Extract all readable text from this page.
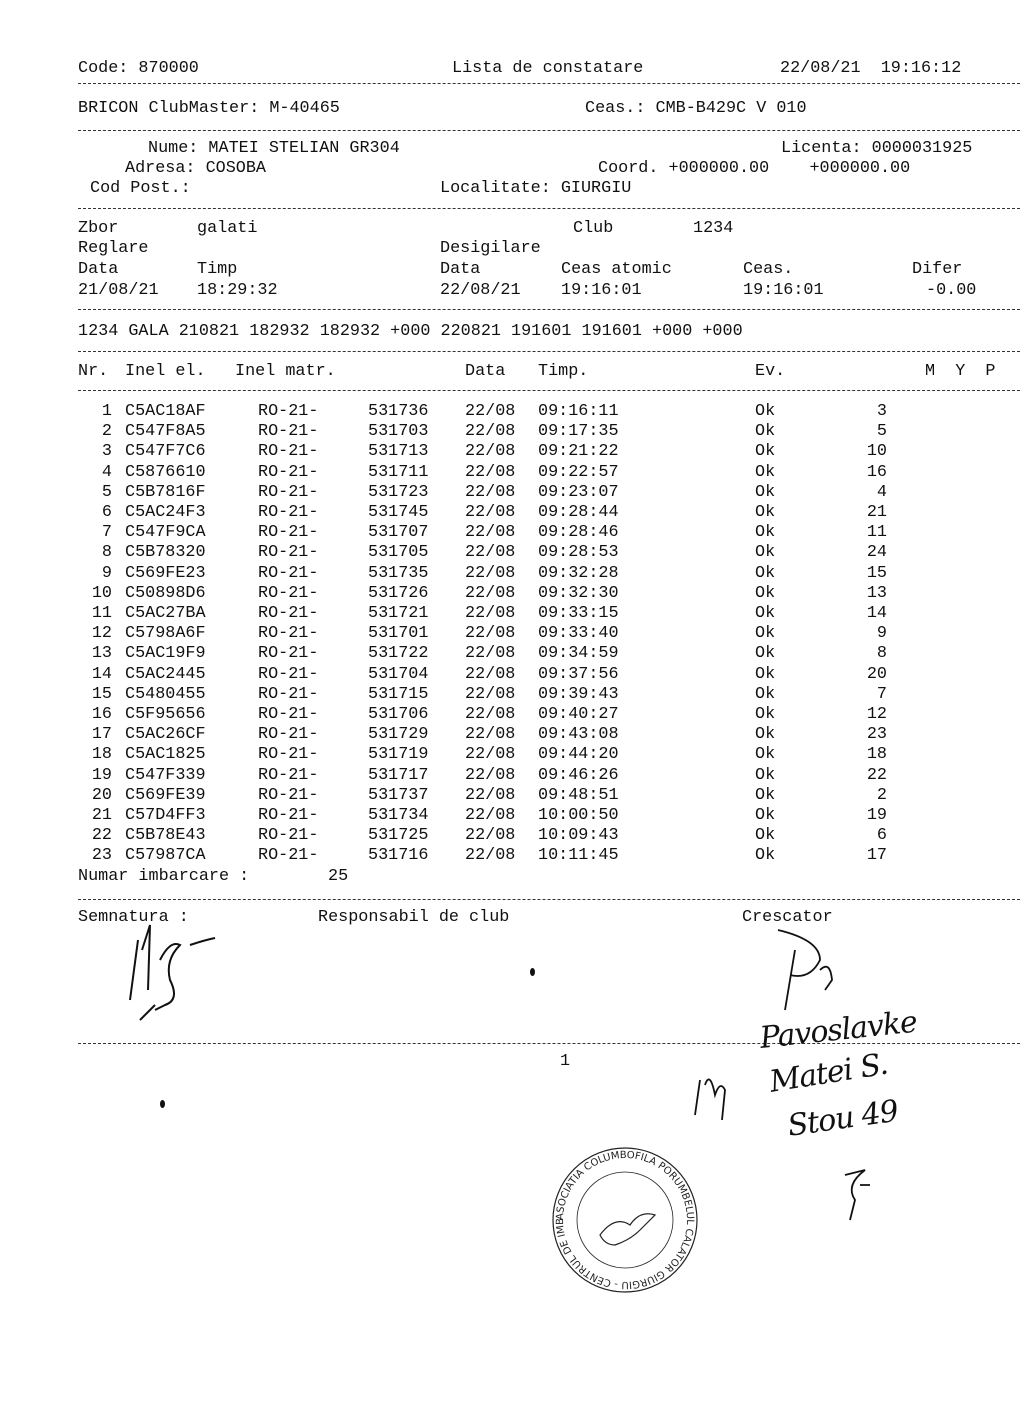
Code: 870000	Lista de constatare	22/08/21  19:16:12
BRICON ClubMaster: M-40465	Ceas.: CMB-B429C V 010
Nume: MATEI STELIAN GR304	Licenta: 0000031925
Adresa: COSOBA	Coord. +000000.00    +000000.00
Cod Post.:	Localitate: GIURGIU
Zbor	galati	Club	1234
Reglare	Desigilare
Data	Timp	Data	Ceas atomic	Ceas.	Difer
21/08/21 18:29:32	22/08/21 19:16:01	19:16:01	-0.00
1234 GALA 210821 182932 182932 +000 220821 191601 191601 +000 +000
Nr. Inel el. Inel matr.	Data Timp.	Ev.	M  Y  P
1 C5AC18AF	RO-21-	531736 22/08 09:16:11	Ok	3
2 C547F8A5	RO-21-	531703 22/08 09:17:35	Ok	5
3 C547F7C6	RO-21-	531713 22/08 09:21:22	Ok	10
4 C5876610	RO-21-	531711 22/08 09:22:57	Ok	16
5 C5B7816F	RO-21-	531723 22/08 09:23:07	Ok	4
6 C5AC24F3	RO-21-	531745 22/08 09:28:44	Ok	21
7 C547F9CA	RO-21-	531707 22/08 09:28:46	Ok	11
8 C5B78320	RO-21-	531705 22/08 09:28:53	Ok	24
9 C569FE23	RO-21-	531735 22/08 09:32:28	Ok	15
10 C50898D6	RO-21-	531726 22/08 09:32:30	Ok	13
11 C5AC27BA	RO-21-	531721 22/08 09:33:15	Ok	14
12 C5798A6F	RO-21-	531701 22/08 09:33:40	Ok	9
13 C5AC19F9	RO-21-	531722 22/08 09:34:59	Ok	8
14 C5AC2445	RO-21-	531704 22/08 09:37:56	Ok	20
15 C5480455	RO-21-	531715 22/08 09:39:43	Ok	7
16 C5F95656	RO-21-	531706 22/08 09:40:27	Ok	12
17 C5AC26CF	RO-21-	531729 22/08 09:43:08	Ok	23
18 C5AC1825	RO-21-	531719 22/08 09:44:20	Ok	18
19 C547F339	RO-21-	531717 22/08 09:46:26	Ok	22
20 C569FE39	RO-21-	531737 22/08 09:48:51	Ok	2
21 C57D4FF3	RO-21-	531734 22/08 10:00:50	Ok	19
22 C5B78E43	RO-21-	531725 22/08 10:09:43	Ok	6
23 C57987CA	RO-21-	531716 22/08 10:11:45	Ok	17
Numar imbarcare :	25
Semnatura :	Responsabil de club	Crescator
1
Pavoslavke
Matei S.
Stou 49
ASOCIATIA COLUMBOFILA PORUMBELUL CALATOR GIURGIU - CENTRUL DE IMBARCARE NR. 1 COSOBA
